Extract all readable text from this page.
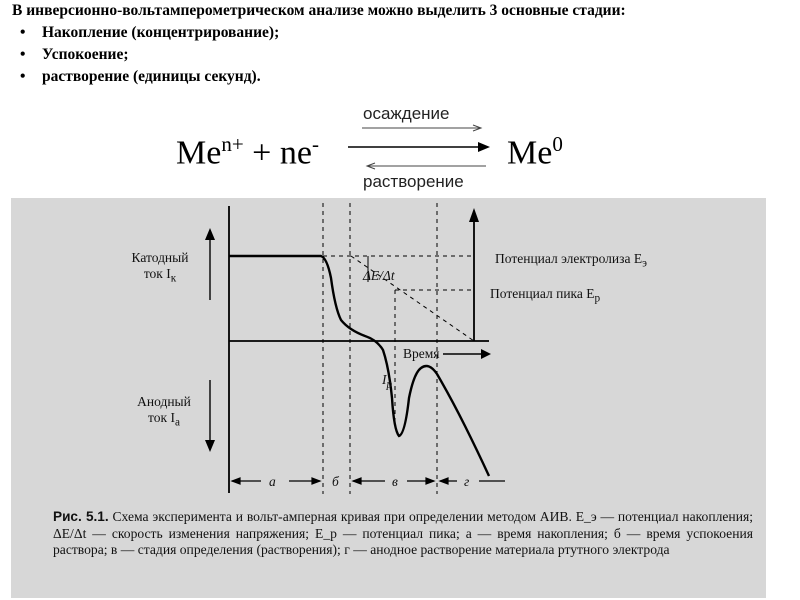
В инверсионно-вольтамперометрическом анализе можно выделить 3 основные стадии:

• Накопление (концентрирование);
• Успокоение;
• растворение (единицы секунд).
осаждение
$Me^{n+} + ne^-$	Me$^0$
растворение
Катодный
ток $I_к$
Анодный
ток $I_а$
ΔE/Δt
Время
$I_p$
Потенциал электролиза $E_э$
Потенциал пика $E_р$
а	б	в	г
Рис. 5.1. Схема эксперимента и вольт-амперная кривая при определении методом АИВ. E_э — потенциал накопления; ΔE/Δt — скорость изменения напряжения; E_р — потенциал пика; а — время накопления; б — время успокоения раствора; в — стадия определения (растворения); г — анодное растворение материала ртутного электрода
